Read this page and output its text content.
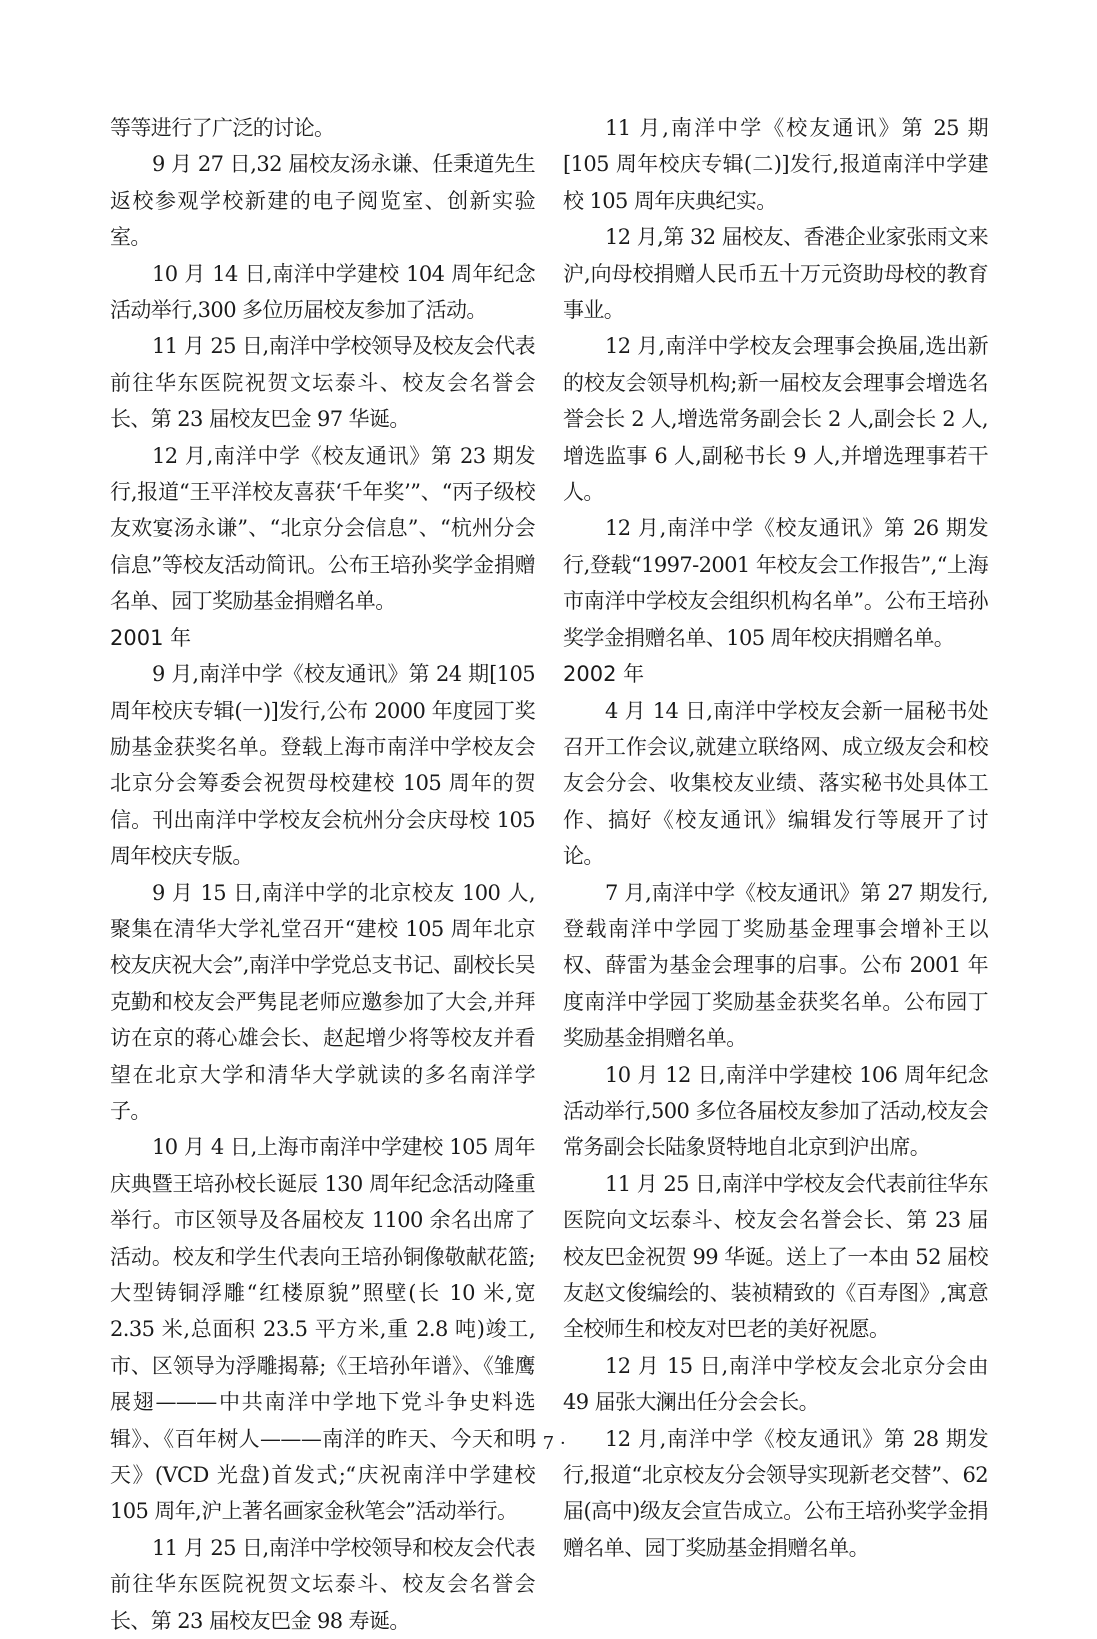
等等进行了广泛的讨论。

9 月 27 日,32 届校友汤永谦、任秉道先生返校参观学校新建的电子阅览室、创新实验室。

10 月 14 日,南洋中学建校 104 周年纪念活动举行,300 多位历届校友参加了活动。

11 月 25 日,南洋中学校领导及校友会代表前往华东医院祝贺文坛泰斗、校友会名誉会长、第 23 届校友巴金 97 华诞。

12 月,南洋中学《校友通讯》第 23 期发行,报道“王平洋校友喜获‘千年奖’”、“丙子级校友欢宴汤永谦”、“北京分会信息”、“杭州分会信息”等校友活动简讯。公布王培孙奖学金捐赠名单、园丁奖励基金捐赠名单。

2001 年

9 月,南洋中学《校友通讯》第 24 期[105 周年校庆专辑(一)]发行,公布 2000 年度园丁奖励基金获奖名单。登载上海市南洋中学校友会北京分会筹委会祝贺母校建校 105 周年的贺信。刊出南洋中学校友会杭州分会庆母校 105 周年校庆专版。

9 月 15 日,南洋中学的北京校友 100 人,聚集在清华大学礼堂召开“建校 105 周年北京校友庆祝大会”,南洋中学党总支书记、副校长吴克勤和校友会严隽昆老师应邀参加了大会,并拜访在京的蒋心雄会长、赵起增少将等校友并看望在北京大学和清华大学就读的多名南洋学子。

10 月 4 日,上海市南洋中学建校 105 周年庆典暨王培孙校长诞辰 130 周年纪念活动隆重举行。市区领导及各届校友 1100 余名出席了活动。校友和学生代表向王培孙铜像敬献花篮;大型铸铜浮雕“红楼原貌”照壁(长 10 米,宽 2.35 米,总面积 23.5 平方米,重 2.8 吨)竣工,市、区领导为浮雕揭幕;《王培孙年谱》、《雏鹰展翅———中共南洋中学地下党斗争史料选辑》、《百年树人———南洋的昨天、今天和明天》(VCD 光盘)首发式;“庆祝南洋中学建校 105 周年,沪上著名画家金秋笔会”活动举行。

11 月 25 日,南洋中学校领导和校友会代表前往华东医院祝贺文坛泰斗、校友会名誉会长、第 23 届校友巴金 98 寿诞。

11 月,南洋中学《校友通讯》第 25 期[105 周年校庆专辑(二)]发行,报道南洋中学建校 105 周年庆典纪实。

12 月,第 32 届校友、香港企业家张雨文来沪,向母校捐赠人民币五十万元资助母校的教育事业。

12 月,南洋中学校友会理事会换届,选出新的校友会领导机构;新一届校友会理事会增选名誉会长 2 人,增选常务副会长 2 人,副会长 2 人,增选监事 6 人,副秘书长 9 人,并增选理事若干人。

12 月,南洋中学《校友通讯》第 26 期发行,登载“1997-2001 年校友会工作报告”,“上海市南洋中学校友会组织机构名单”。公布王培孙奖学金捐赠名单、105 周年校庆捐赠名单。

2002 年

4 月 14 日,南洋中学校友会新一届秘书处召开工作会议,就建立联络网、成立级友会和校友会分会、收集校友业绩、落实秘书处具体工作、搞好《校友通讯》编辑发行等展开了讨论。

7 月,南洋中学《校友通讯》第 27 期发行,登载南洋中学园丁奖励基金理事会增补王以权、薛雷为基金会理事的启事。公布 2001 年度南洋中学园丁奖励基金获奖名单。公布园丁奖励基金捐赠名单。

10 月 12 日,南洋中学建校 106 周年纪念活动举行,500 多位各届校友参加了活动,校友会常务副会长陆象贤特地自北京到沪出席。

11 月 25 日,南洋中学校友会代表前往华东医院向文坛泰斗、校友会名誉会长、第 23 届校友巴金祝贺 99 华诞。送上了一本由 52 届校友赵文俊编绘的、装祯精致的《百寿图》,寓意全校师生和校友对巴老的美好祝愿。

12 月 15 日,南洋中学校友会北京分会由 49 届张大澜出任分会会长。

12 月,南洋中学《校友通讯》第 28 期发行,报道“北京校友分会领导实现新老交替”、62 届(高中)级友会宣告成立。公布王培孙奖学金捐赠名单、园丁奖励基金捐赠名单。

· 7 ·
